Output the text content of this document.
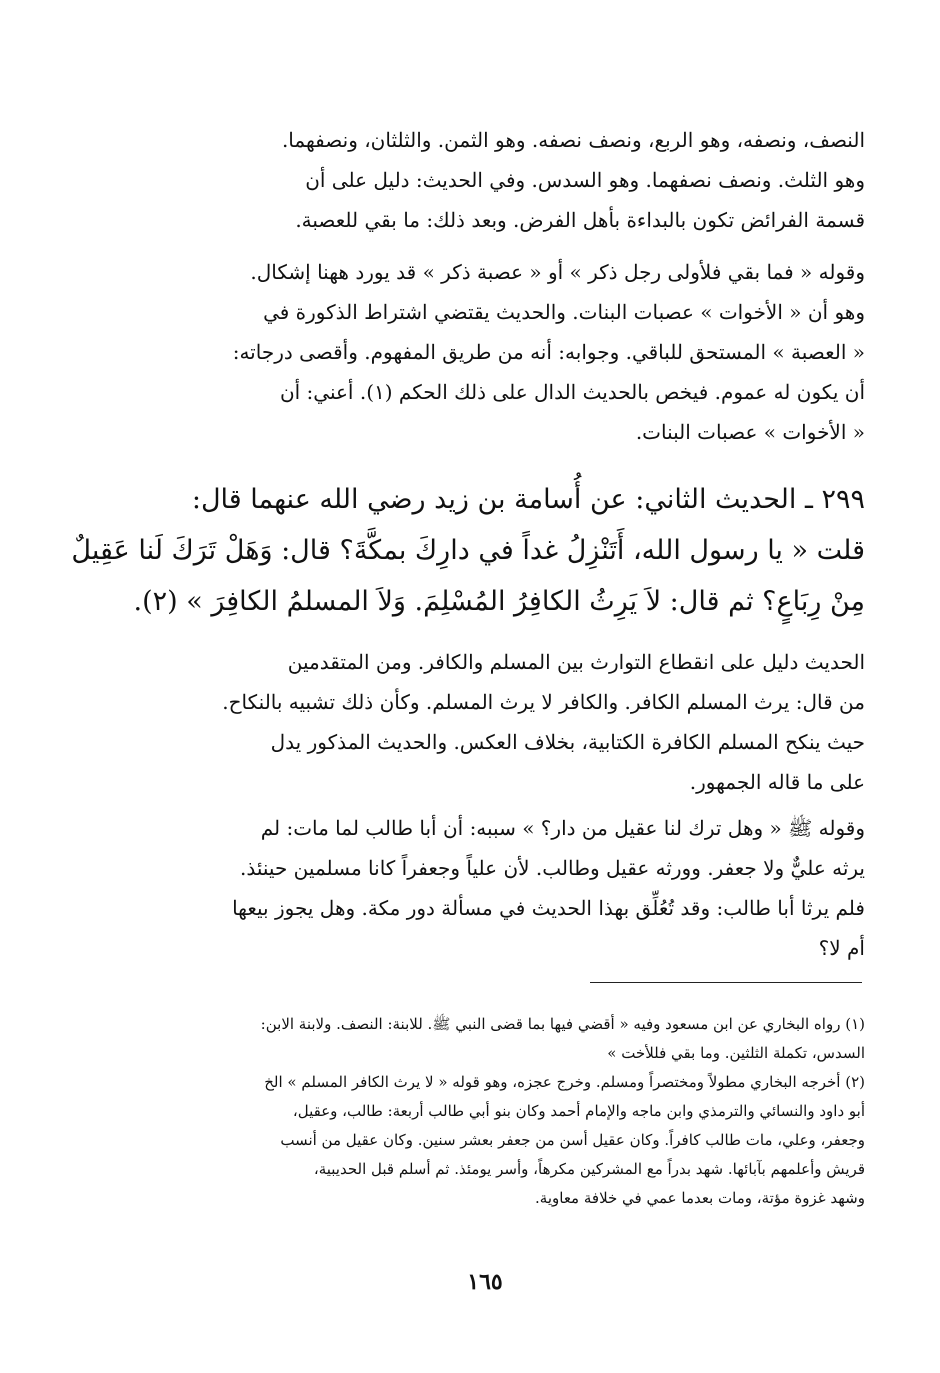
النصف، ونصفه، وهو الربع، ونصف نصفه. وهو الثمن. والثلثان، ونصفهما.
وهو الثلث. ونصف نصفهما. وهو السدس. وفي الحديث: دليل على أن
قسمة الفرائض تكون بالبداءة بأهل الفرض. وبعد ذلك: ما بقي للعصبة.
وقوله « فما بقي فلأولى رجل ذكر » أو « عصبة ذكر » قد يورد ههنا إشكال.
وهو أن « الأخوات » عصبات البنات. والحديث يقتضي اشتراط الذكورة في
« العصبة » المستحق للباقي. وجوابه: أنه من طريق المفهوم. وأقصى درجاته:
أن يكون له عموم. فيخص بالحديث الدال على ذلك الحكم (١). أعني: أن
« الأخوات » عصبات البنات.
٢٩٩ ـ الحديث الثاني: عن أُسامة بن زيد رضي الله عنهما قال:
قلت « يا رسول الله، أَتَنْزِلُ غداً في دارِكَ بمكَّةَ؟ قال: وَهَلْ تَرَكَ لَنا عَقِيلٌ
مِنْ رِبَاعٍ؟ ثم قال: لاَ يَرِثُ الكافِرُ المُسْلِمَ. وَلاَ المسلمُ الكافِرَ » (٢).
الحديث دليل على انقطاع التوارث بين المسلم والكافر. ومن المتقدمين
من قال: يرث المسلم الكافر. والكافر لا يرث المسلم. وكأن ذلك تشبيه بالنكاح.
حيث ينكح المسلم الكافرة الكتابية، بخلاف العكس. والحديث المذكور يدل
على ما قاله الجمهور.
وقوله ﷺ « وهل ترك لنا عقيل من دار؟ » سببه: أن أبا طالب لما مات: لم
يرثه عليٌّ ولا جعفر. وورثه عقيل وطالب. لأن علياً وجعفراً كانا مسلمين حينئذ.
فلم يرثا أبا طالب: وقد تُعُلِّق بهذا الحديث في مسألة دور مكة. وهل يجوز بيعها
أم لا؟
(١) رواه البخاري عن ابن مسعود وفيه « أقضي فيها بما قضى النبي ﷺ. للابنة: النصف. ولابنة الابن:
السدس، تكملة الثلثين. وما بقي فللأخت »
(٢) أخرجه البخاري مطولاً ومختصراً ومسلم. وخرج عجزه، وهو قوله « لا يرث الكافر المسلم » الخ
أبو داود والنسائي والترمذي وابن ماجه والإمام أحمد وكان بنو أبي طالب أربعة: طالب، وعقيل،
وجعفر، وعلي، مات طالب كافراً. وكان عقيل أسن من جعفر بعشر سنين. وكان عقيل من أنسب
قريش وأعلمهم بآبائها. شهد بدراً مع المشركين مكرهاً، وأسر يومئذ. ثم أسلم قبل الحديبية،
وشهد غزوة مؤتة، ومات بعدما عمي في خلافة معاوية.
١٦٥
